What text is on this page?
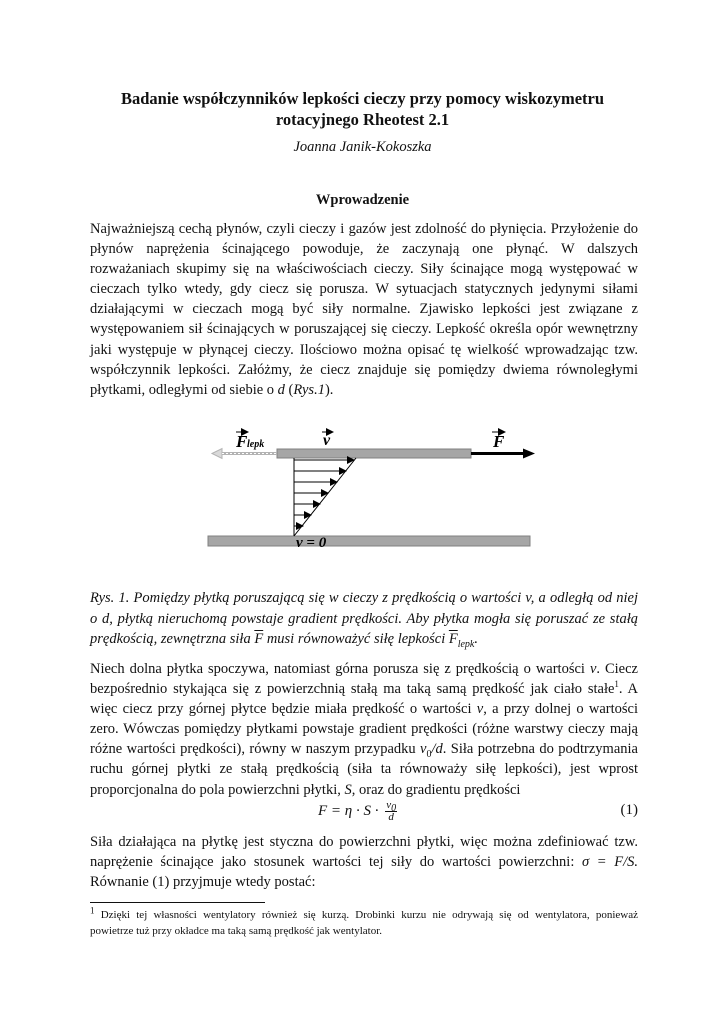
Badanie współczynników lepkości cieczy przy pomocy wiskozymetru
rotacyjnego Rheotest 2.1
Joanna Janik-Kokoszka
Wprowadzenie
Najważniejszą cechą płynów, czyli cieczy i gazów jest zdolność do płynięcia. Przyłożenie do
płynów naprężenia ścinającego powoduje, że zaczynają one płynąć. W dalszych
rozważaniach skupimy się na właściwościach cieczy. Siły ścinające mogą występować w
cieczach tylko wtedy, gdy ciecz się porusza. W sytuacjach statycznych jedynymi siłami
działającymi w cieczach mogą być siły normalne. Zjawisko lepkości jest związane z
występowaniem sił ścinających w poruszającej się cieczy. Lepkość określa opór wewnętrzny
jaki występuje w płynącej cieczy. Ilościowo można opisać tę wielkość wprowadzając tzw.
współczynnik lepkości. Załóżmy, że ciecz znajduje się pomiędzy dwiema równoległymi
płytkami, odległymi od siebie o d (Rys.1).
F lepk	v	F
v = 0
Rys. 1. Pomiędzy płytką poruszającą się w cieczy z prędkością o wartości v, a odległą od niej
o d, płytką nieruchomą powstaje gradient prędkości. Aby płytka mogła się poruszać ze stałą
prędkością, zewnętrzna siła $\overline{F}$ musi równoważyć siłę lepkości $\overline{F}_{lepk}$.
Niech dolna płytka spoczywa, natomiast górna porusza się z prędkością o wartości v. Ciecz
bezpośrednio stykająca się z powierzchnią stałą ma taką samą prędkość jak ciało stałe$^1$. A
więc ciecz przy górnej płytce będzie miała prędkość o wartości v, a przy dolnej o wartości
zero. Wówczas pomiędzy płytkami powstaje gradient prędkości (różne warstwy cieczy mają
różne wartości prędkości), równy w naszym przypadku $v_0/d$. Siła potrzebna do podtrzymania
ruchu górnej płytki ze stałą prędkością (siła ta równoważy siłę lepkości), jest wprost
proporcjonalna do pola powierzchni płytki, S, oraz do gradientu prędkości
$F = \eta \cdot S \cdot \frac{v_0}{d}$	(1)
Siła działająca na płytkę jest styczna do powierzchni płytki, więc można zdefiniować tzw.
naprężenie ścinające jako stosunek wartości tej siły do wartości powierzchni: σ = F/S.
Równanie (1) przyjmuje wtedy postać:
$^1$ Dzięki tej własności wentylatory również się kurzą. Drobinki kurzu nie odrywają się od wentylatora, ponieważ
powietrze tuż przy okładce ma taką samą prędkość jak wentylator.
